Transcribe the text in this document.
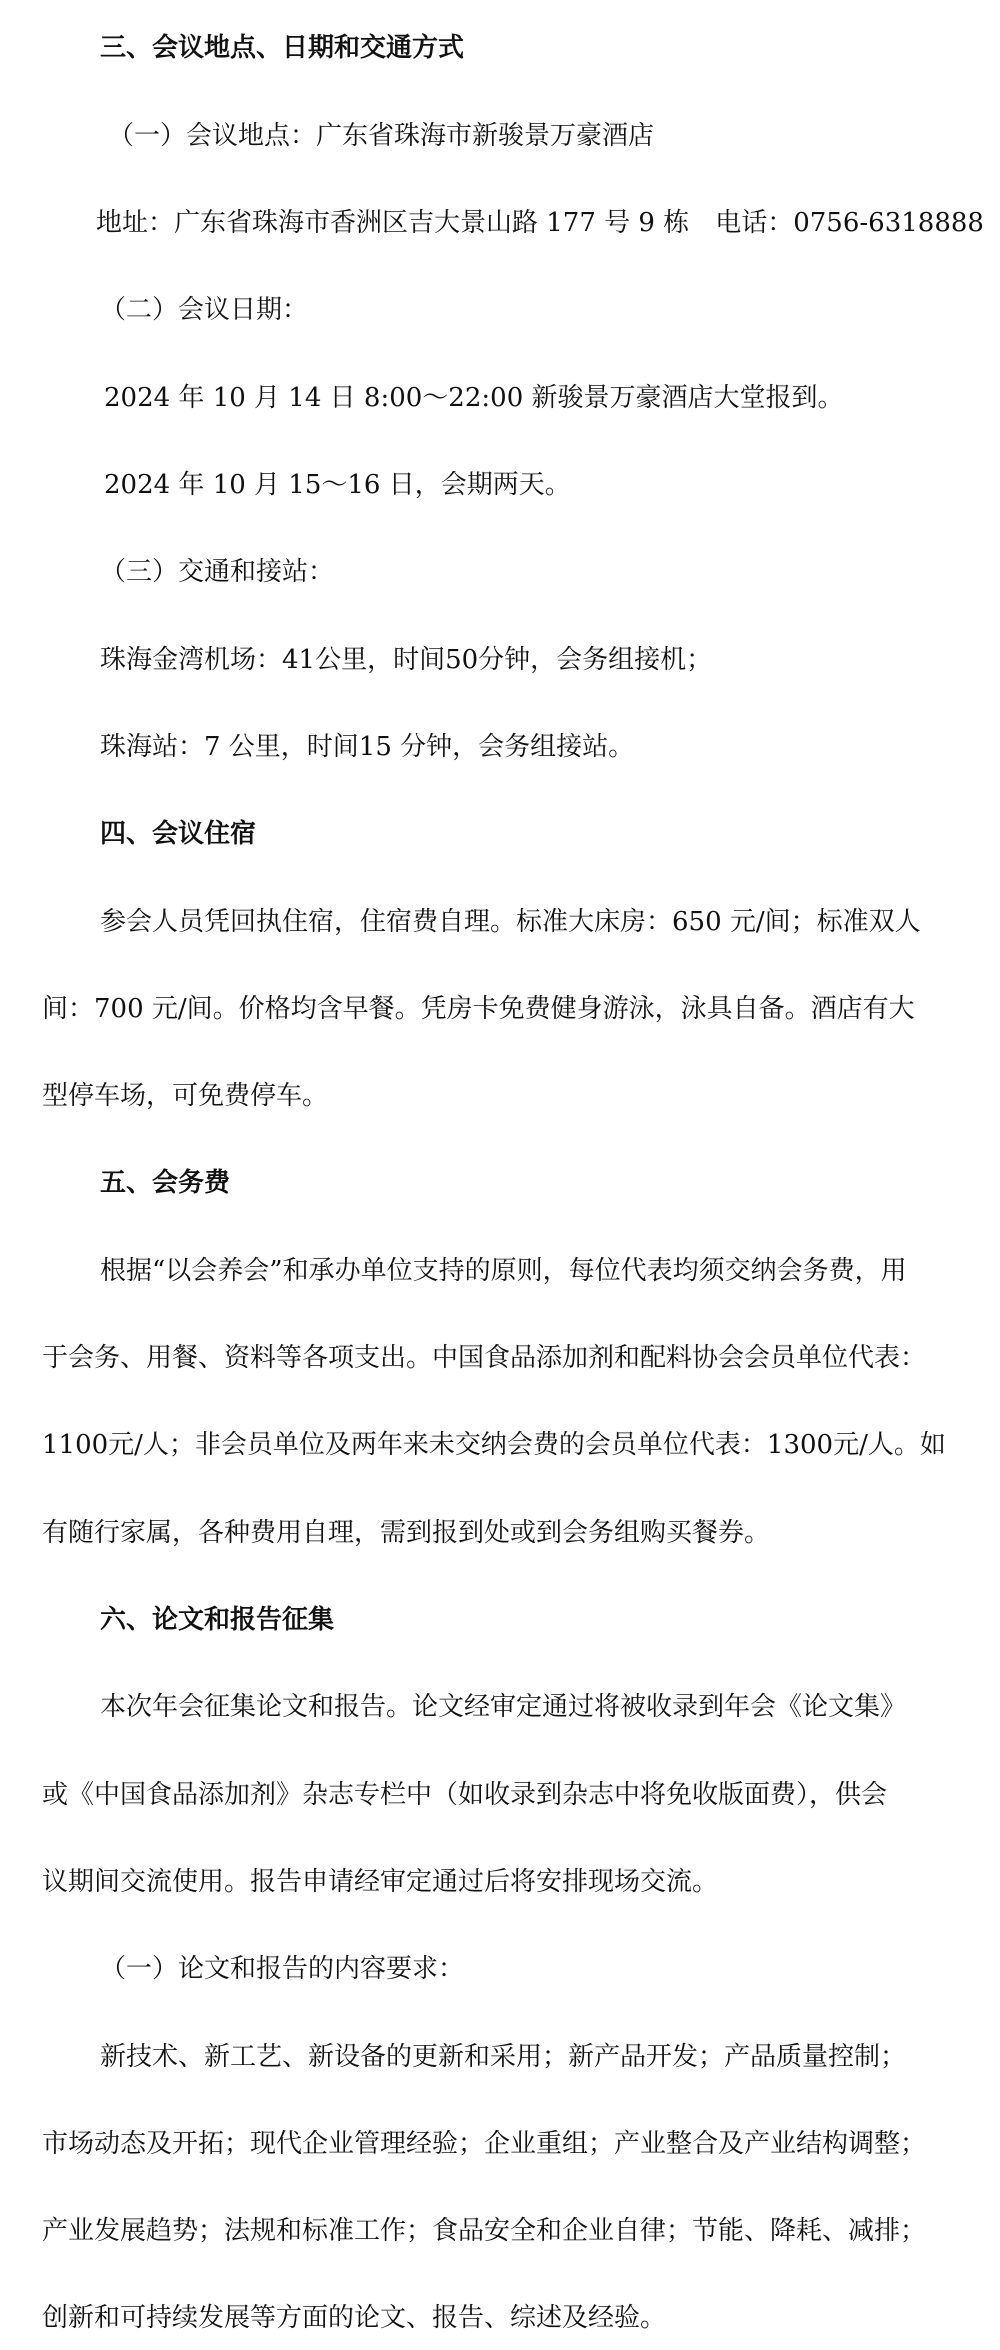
三、会议地点、日期和交通方式

（一）会议地点：广东省珠海市新骏景万豪酒店

地址：广东省珠海市香洲区吉大景山路 177 号 9 栋　电话：0756-6318888

（二）会议日期：

2024 年 10 月 14 日 8:00～22:00 新骏景万豪酒店大堂报到。

2024 年 10 月 15～16 日，会期两天。

（三）交通和接站：

珠海金湾机场：41公里，时间50分钟，会务组接机；

珠海站：7 公里，时间15 分钟，会务组接站。

四、会议住宿

参会人员凭回执住宿，住宿费自理。标准大床房：650 元/间；标准双人

间：700 元/间。价格均含早餐。凭房卡免费健身游泳，泳具自备。酒店有大

型停车场，可免费停车。

五、会务费

根据“以会养会”和承办单位支持的原则，每位代表均须交纳会务费，用

于会务、用餐、资料等各项支出。中国食品添加剂和配料协会会员单位代表：

1100元/人；非会员单位及两年来未交纳会费的会员单位代表：1300元/人。如

有随行家属，各种费用自理，需到报到处或到会务组购买餐券。

六、论文和报告征集

本次年会征集论文和报告。论文经审定通过将被收录到年会《论文集》

或《中国食品添加剂》杂志专栏中（如收录到杂志中将免收版面费），供会

议期间交流使用。报告申请经审定通过后将安排现场交流。

（一）论文和报告的内容要求：

新技术、新工艺、新设备的更新和采用；新产品开发；产品质量控制；

市场动态及开拓；现代企业管理经验；企业重组；产业整合及产业结构调整；

产业发展趋势；法规和标准工作；食品安全和企业自律；节能、降耗、减排；

创新和可持续发展等方面的论文、报告、综述及经验。
